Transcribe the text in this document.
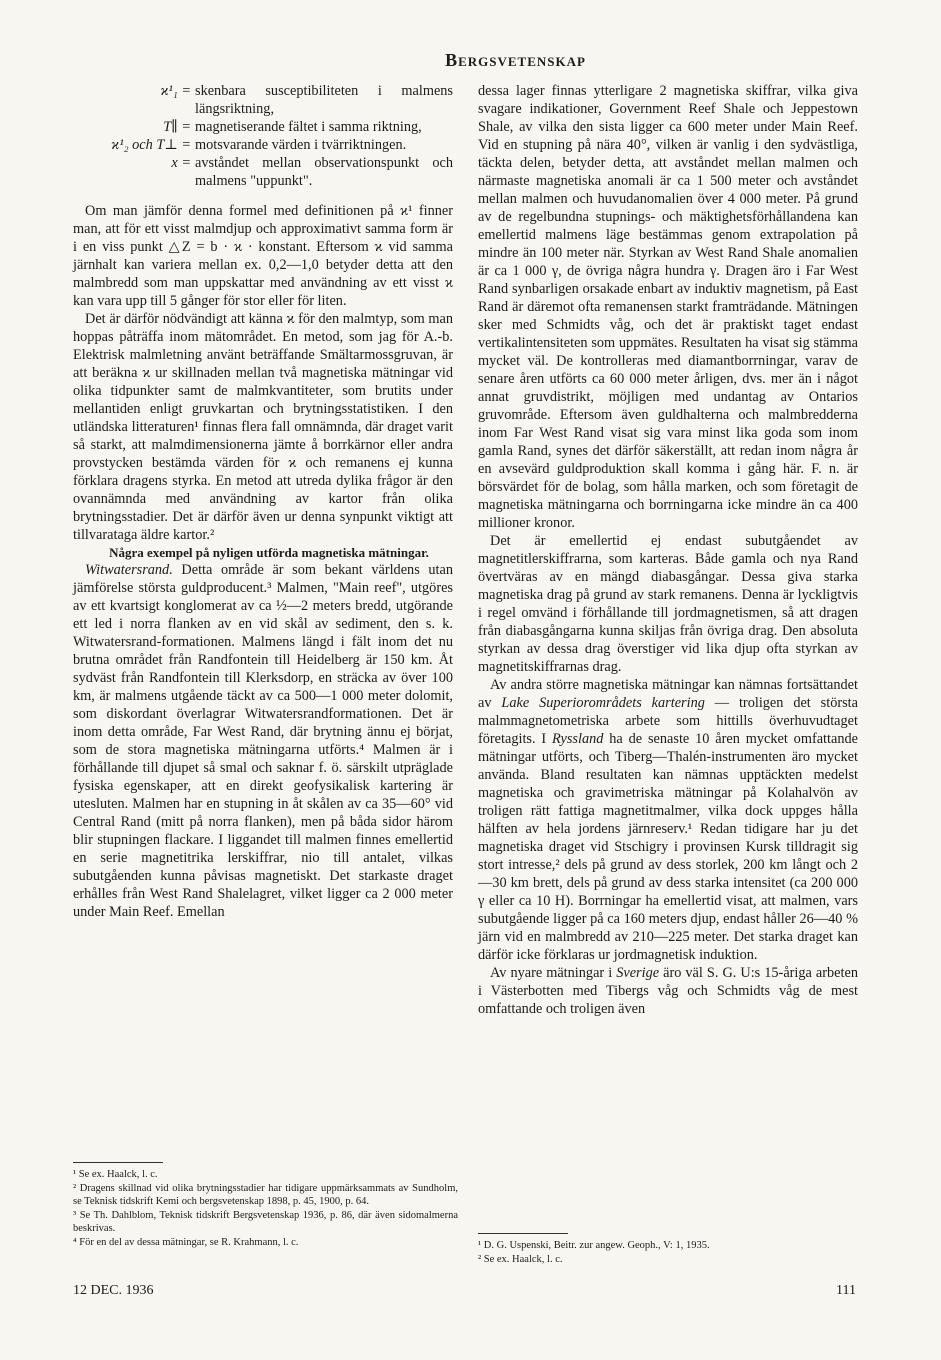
Bergsvetenskap
ϰ¹₁ = skenbara susceptibiliteten i malmens längsriktning,
T∥ = magnetiserande fältet i samma riktning,
ϰ¹₂ och T⊥ = motsvarande värden i tvärriktningen.
x = avståndet mellan observationspunkt och malmens "uppunkt".

Om man jämför denna formel med definitionen på ϰ¹ finner man, att för ett visst malmdjup och approximativt samma form är i en viss punkt △Z = b · ϰ · konstant. Eftersom ϰ vid samma järnhalt kan variera mellan ex. 0,2—1,0 betyder detta att den malmbredd som man uppskattar med användning av ett visst ϰ kan vara upp till 5 gånger för stor eller för liten.

Det är därför nödvändigt att känna ϰ för den malmtyp, som man hoppas påträffa inom mätområdet. En metod, som jag för A.-b. Elektrisk malmletning använt beträffande Smältarmossgruvan, är att beräkna ϰ ur skillnaden mellan två magnetiska mätningar vid olika tidpunkter samt de malmkvantiteter, som brutits under mellantiden enligt gruvkartan och brytningsstatistiken. I den utländska litteraturen¹ finnas flera fall omnämnda, där draget varit så starkt, att malmdimensionerna jämte å borrkärnor eller andra provstycken bestämda värden för ϰ och remanens ej kunna förklara dragens styrka. En metod att utreda dylika frågor är den ovannämnda med användning av kartor från olika brytningsstadier. Det är därför även ur denna synpunkt viktigt att tillvarataga äldre kartor.²

Några exempel på nyligen utförda magnetiska mätningar.

Witwatersrand. Detta område är som bekant världens utan jämförelse största guldproducent.³ Malmen, "Main reef", utgöres av ett kvartsigt konglomerat av ca ½—2 meters bredd, utgörande ett led i norra flanken av en vid skål av sediment, den s. k. Witwatersrand-formationen. Malmens längd i fält inom det nu brutna området från Randfontein till Heidelberg är 150 km. Åt sydväst från Randfontein till Klerksdorp, en sträcka av över 100 km, är malmens utgående täckt av ca 500—1 000 meter dolomit, som diskordant överlagrar Witwatersrandformationen. Det är inom detta område, Far West Rand, där brytning ännu ej börjat, som de stora magnetiska mätningarna utförts.⁴ Malmen är i förhållande till djupet så smal och saknar f. ö. särskilt utpräglade fysiska egenskaper, att en direkt geofysikalisk kartering är utesluten. Malmen har en stupning in åt skålen av ca 35—60° vid Central Rand (mitt på norra flanken), men på båda sidor härom blir stupningen flackare. I liggandet till malmen finnes emellertid en serie magnetitrika lerskiffrar, nio till antalet, vilkas subutgåenden kunna påvisas magnetiskt. Det starkaste draget erhålles från West Rand Shalelagret, vilket ligger ca 2 000 meter under Main Reef. Emellan

dessa lager finnas ytterligare 2 magnetiska skiffrar, vilka giva svagare indikationer, Government Reef Shale och Jeppestown Shale, av vilka den sista ligger ca 600 meter under Main Reef. Vid en stupning på nära 40°, vilken är vanlig i den sydvästliga, täckta delen, betyder detta, att avståndet mellan malmen och närmaste magnetiska anomali är ca 1 500 meter och avståndet mellan malmen och huvudanomalien över 4 000 meter. På grund av de regelbundna stupnings- och mäktighetsförhållandena kan emellertid malmens läge bestämmas genom extrapolation på mindre än 100 meter när. Styrkan av West Rand Shale anomalien är ca 1 000 γ, de övriga några hundra γ. Dragen äro i Far West Rand synbarligen orsakade enbart av induktiv magnetism, på East Rand är däremot ofta remanensen starkt framträdande. Mätningen sker med Schmidts våg, och det är praktiskt taget endast vertikalintensiteten som uppmätes. Resultaten ha visat sig stämma mycket väl. De kontrolleras med diamantborrningar, varav de senare åren utförts ca 60 000 meter årligen, dvs. mer än i något annat gruvdistrikt, möjligen med undantag av Ontarios gruvområde. Eftersom även guldhalterna och malmbredderna inom Far West Rand visat sig vara minst lika goda som inom gamla Rand, synes det därför säkerställt, att redan inom några år en avsevärd guldproduktion skall komma i gång här. F. n. är börsvärdet för de bolag, som hålla marken, och som företagit de magnetiska mätningarna och borrningarna icke mindre än ca 400 millioner kronor.

Det är emellertid ej endast subutgåendet av magnetitlerskiffrarna, som karteras. Både gamla och nya Rand övertväras av en mängd diabasgångar. Dessa giva starka magnetiska drag på grund av stark remanens. Denna är lyckligtvis i regel omvänd i förhållande till jordmagnetismen, så att dragen från diabasgångarna kunna skiljas från övriga drag. Den absoluta styrkan av dessa drag överstiger vid lika djup ofta styrkan av magnetitskiffrarnas drag.

Av andra större magnetiska mätningar kan nämnas fortsättandet av Lake Superiorområdets kartering — troligen det största malmmagnetometriska arbete som hittills överhuvudtaget företagits. I Ryssland ha de senaste 10 åren mycket omfattande mätningar utförts, och Tiberg—Thalén-instrumenten äro mycket använda. Bland resultaten kan nämnas upptäckten medelst magnetiska och gravimetriska mätningar på Kolahalvön av troligen rätt fattiga magnetitmalmer, vilka dock uppges hålla hälften av hela jordens järnreserv.¹ Redan tidigare har ju det magnetiska draget vid Stschigry i provinsen Kursk tilldragit sig stort intresse,² dels på grund av dess storlek, 200 km långt och 2—30 km brett, dels på grund av dess starka intensitet (ca 200 000 γ eller ca 10 H). Borrningar ha emellertid visat, att malmen, vars subutgående ligger på ca 160 meters djup, endast håller 26—40 % järn vid en malmbredd av 210—225 meter. Det starka draget kan därför icke förklaras ur jordmagnetisk induktion.

Av nyare mätningar i Sverige äro väl S. G. U:s 15-åriga arbeten i Västerbotten med Tibergs våg och Schmidts våg de mest omfattande och troligen även

¹ Se ex. Haalck, l. c.

² Dragens skillnad vid olika brytningsstadier har tidigare uppmärksammats av Sundholm, se Teknisk tidskrift Kemi och bergsvetenskap 1898, p. 45, 1900, p. 64.

³ Se Th. Dahlblom, Teknisk tidskrift Bergsvetenskap 1936, p. 86, där även sidomalmerna beskrivas.

⁴ För en del av dessa mätningar, se R. Krahmann, l. c.	¹ D. G. Uspenski, Beitr. zur angew. Geoph., V: 1, 1935.

² Se ex. Haalck, l. c.

12 DEC. 1936	111
